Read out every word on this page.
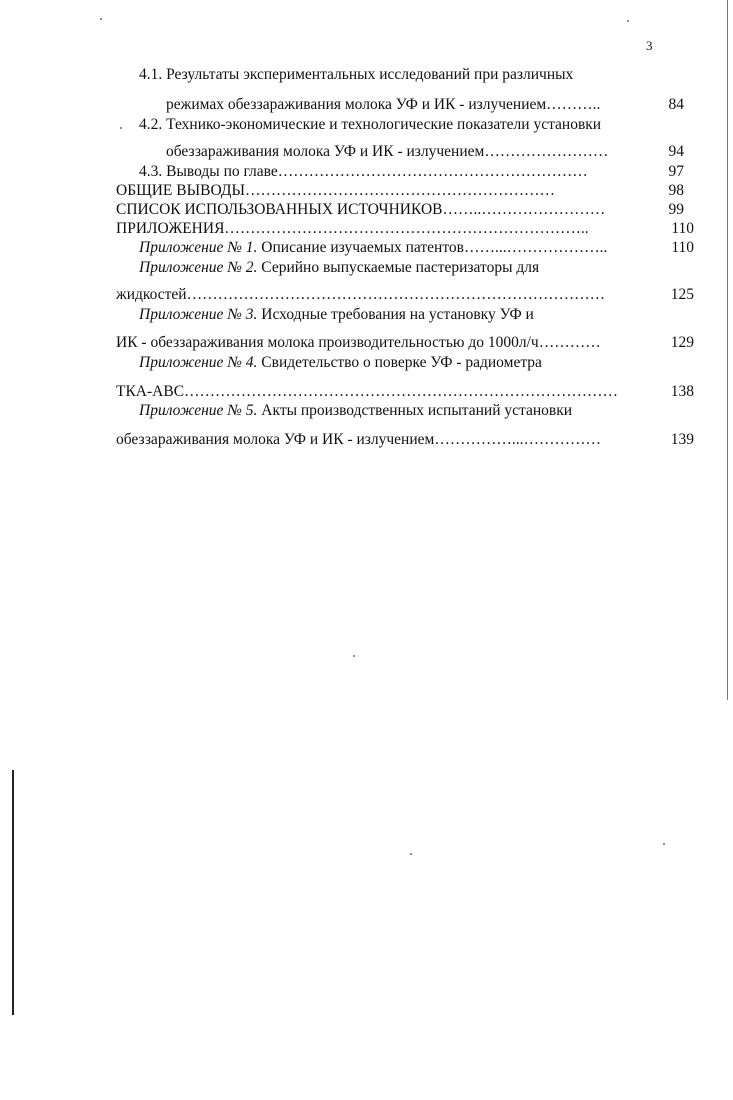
3
4.1. Результаты экспериментальных исследований при различных
режимах обеззараживания молока УФ и ИК - излучением………..	84
4.2. Технико-экономические и технологические показатели установки
обеззараживания молока УФ и ИК - излучением……………………	94
4.3. Выводы по главе……………………………………………………	97
ОБЩИЕ ВЫВОДЫ……………………………………………………	98
СПИСОК ИСПОЛЬЗОВАННЫХ ИСТОЧНИКОВ……..……………………	99
ПРИЛОЖЕНИЯ……………………………………………………………..	110
Приложение № 1. Описание изучаемых патентов……...………………..	110
Приложение № 2. Серийно выпускаемые пастеризаторы для
жидкостей………………………………………………………………………	125
Приложение № 3. Исходные требования на установку УФ и
ИК - обеззараживания молока производительностью до 1000л/ч…………	129
Приложение № 4. Свидетельство о поверке УФ - радиометра
ТКА-АВС…………………………………………………………………………	138
Приложение № 5. Акты производственных испытаний установки
обеззараживания молока УФ и ИК - излучением……………...……………	139
